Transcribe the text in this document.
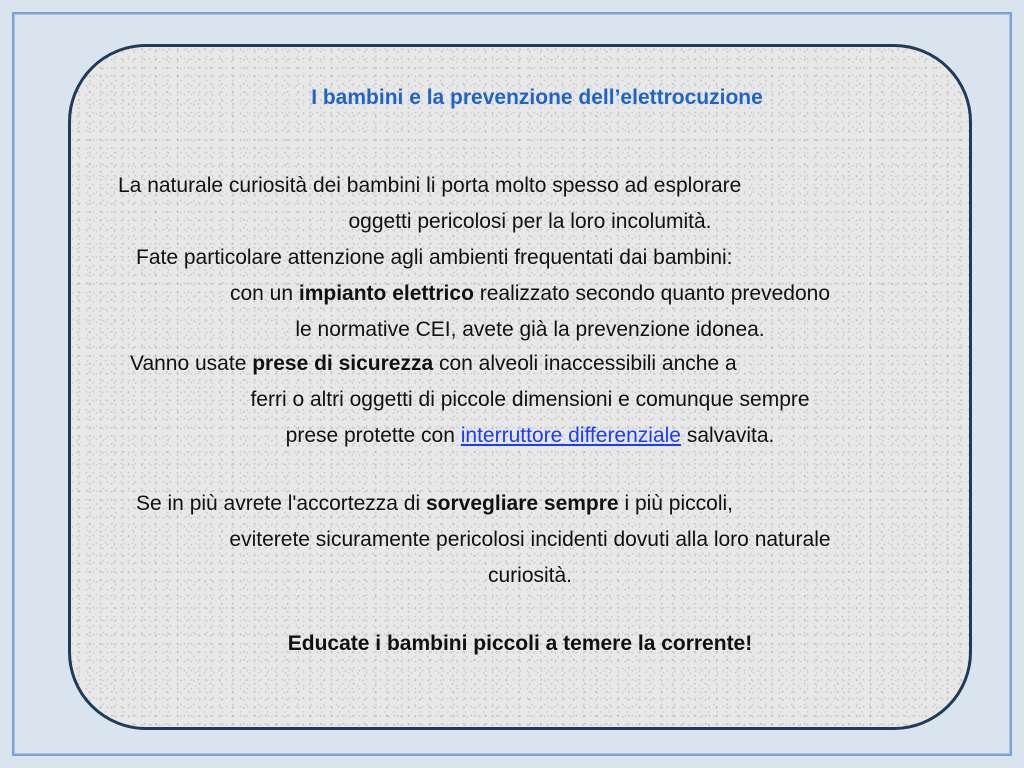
I bambini e la prevenzione dell’elettrocuzione

La naturale curiosità dei bambini li porta molto spesso ad esplorare
oggetti pericolosi per la loro incolumità.

Fate particolare attenzione agli ambienti frequentati dai bambini:
con un impianto elettrico realizzato secondo quanto prevedono
le normative CEI, avete già la prevenzione idonea.

Vanno usate prese di sicurezza con alveoli inaccessibili anche a
ferri o altri oggetti di piccole dimensioni e comunque sempre
prese protette con interruttore differenziale salvavita.

Se in più avrete l'accortezza di sorvegliare sempre i più piccoli,
eviterete sicuramente pericolosi incidenti dovuti alla loro naturale
curiosità.

Educate i bambini piccoli a temere la corrente!
